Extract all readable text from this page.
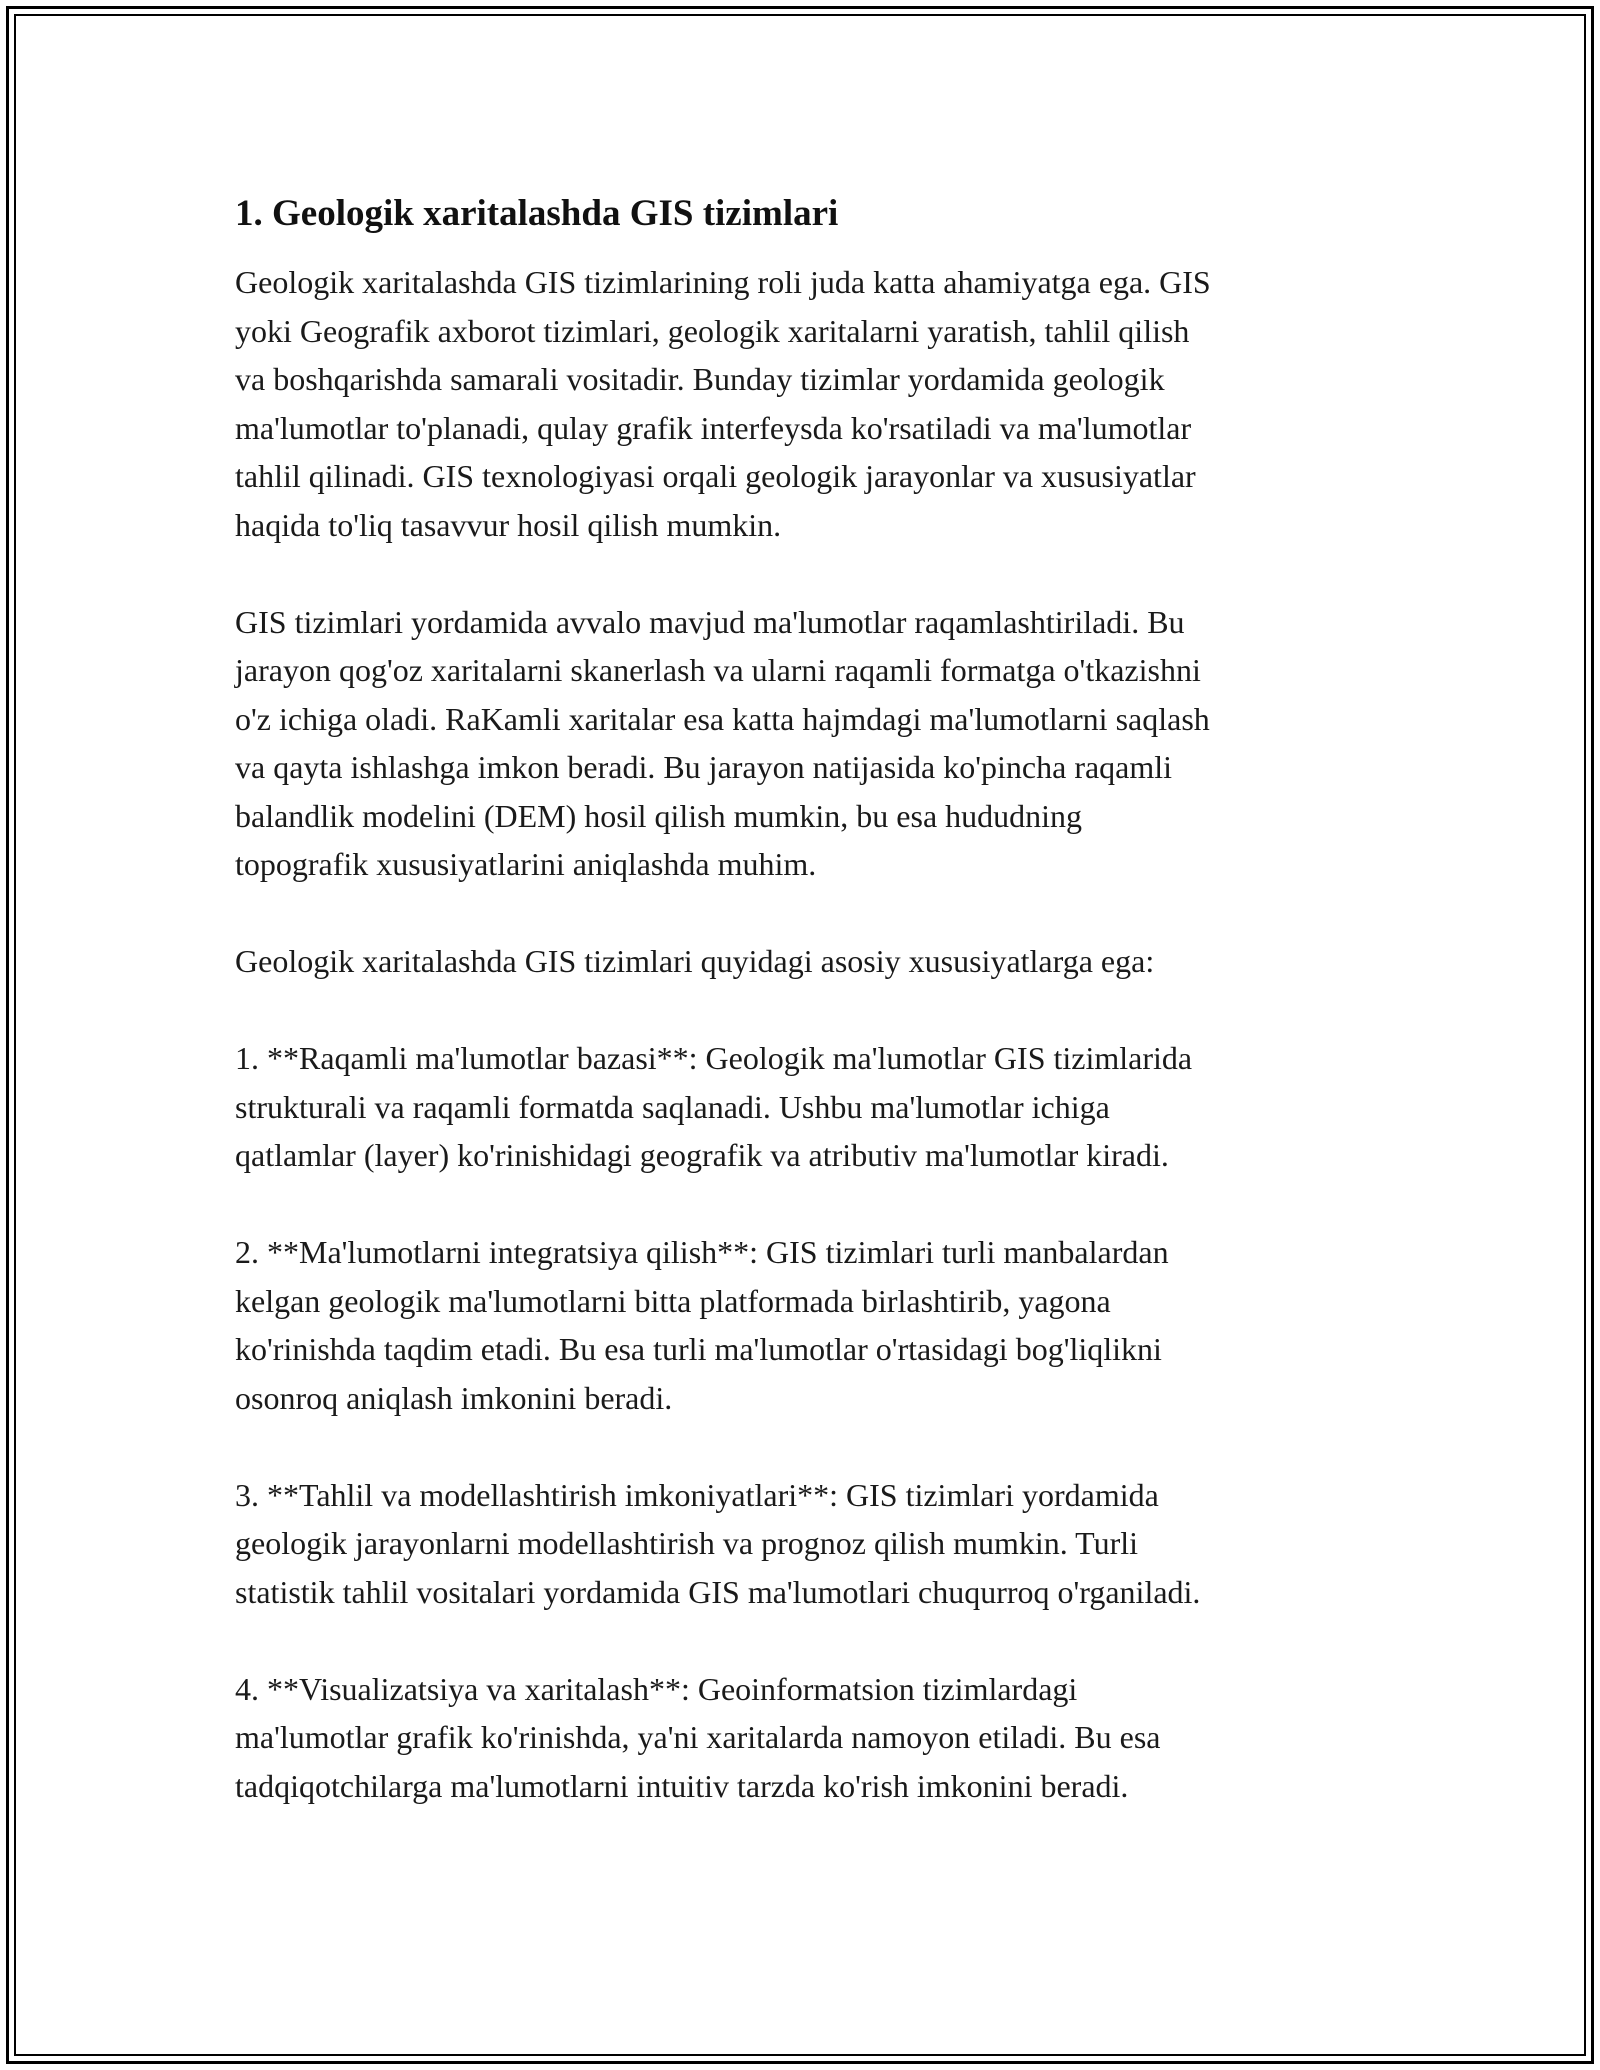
1. Geologik xaritalashda GIS tizimlari

Geologik xaritalashda GIS tizimlarining roli juda katta ahamiyatga ega. GIS
yoki Geografik axborot tizimlari, geologik xaritalarni yaratish, tahlil qilish
va boshqarishda samarali vositadir. Bunday tizimlar yordamida geologik
ma'lumotlar to'planadi, qulay grafik interfeysda ko'rsatiladi va ma'lumotlar
tahlil qilinadi. GIS texnologiyasi orqali geologik jarayonlar va xususiyatlar
haqida to'liq tasavvur hosil qilish mumkin.

GIS tizimlari yordamida avvalo mavjud ma'lumotlar raqamlashtiriladi. Bu
jarayon qog'oz xaritalarni skanerlash va ularni raqamli formatga o'tkazishni
o'z ichiga oladi. RaKamli xaritalar esa katta hajmdagi ma'lumotlarni saqlash
va qayta ishlashga imkon beradi. Bu jarayon natijasida ko'pincha raqamli
balandlik modelini (DEM) hosil qilish mumkin, bu esa hududning
topografik xususiyatlarini aniqlashda muhim.

Geologik xaritalashda GIS tizimlari quyidagi asosiy xususiyatlarga ega:

1. **Raqamli ma'lumotlar bazasi**: Geologik ma'lumotlar GIS tizimlarida
strukturali va raqamli formatda saqlanadi. Ushbu ma'lumotlar ichiga
qatlamlar (layer) ko'rinishidagi geografik va atributiv ma'lumotlar kiradi.

2. **Ma'lumotlarni integratsiya qilish**: GIS tizimlari turli manbalardan
kelgan geologik ma'lumotlarni bitta platformada birlashtirib, yagona
ko'rinishda taqdim etadi. Bu esa turli ma'lumotlar o'rtasidagi bog'liqlikni
osonroq aniqlash imkonini beradi.

3. **Tahlil va modellashtirish imkoniyatlari**: GIS tizimlari yordamida
geologik jarayonlarni modellashtirish va prognoz qilish mumkin. Turli
statistik tahlil vositalari yordamida GIS ma'lumotlari chuqurroq o'rganiladi.

4. **Visualizatsiya va xaritalash**: Geoinformatsion tizimlardagi
ma'lumotlar grafik ko'rinishda, ya'ni xaritalarda namoyon etiladi. Bu esa
tadqiqotchilarga ma'lumotlarni intuitiv tarzda ko'rish imkonini beradi.
